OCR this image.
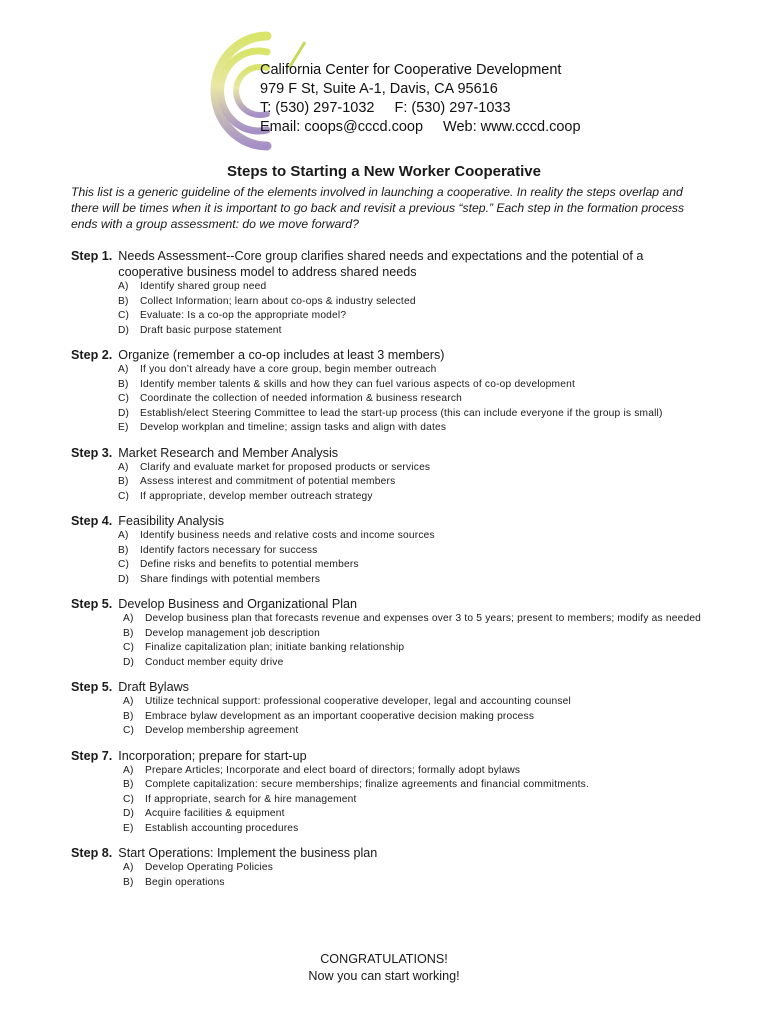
California Center for Cooperative Development
979 F St, Suite A-1, Davis, CA 95616
T: (530) 297-1032 F: (530) 297-1033
Email: coops@cccd.coop Web: www.cccd.coop
Steps to Starting a New Worker Cooperative
This list is a generic guideline of the elements involved in launching a cooperative. In reality the steps overlap and there will be times when it is important to go back and revisit a previous “step.” Each step in the formation process ends with a group assessment: do we move forward?
Step 1. Needs Assessment--Core group clarifies shared needs and expectations and the potential of a cooperative business model to address shared needs
A)	Identify shared group need
B)	Collect Information; learn about co-ops & industry selected
C)	Evaluate: Is a co-op the appropriate model?
D)	Draft basic purpose statement
Step 2. Organize (remember a co-op includes at least 3 members)
A)	If you don’t already have a core group, begin member outreach
B)	Identify member talents & skills and how they can fuel various aspects of co-op development
C)	Coordinate the collection of needed information & business research
D)	Establish/elect Steering Committee to lead the start-up process (this can include everyone if the group is small)
E)	Develop workplan and timeline; assign tasks and align with dates
Step 3. Market Research and Member Analysis
A)	Clarify and evaluate market for proposed products or services
B)	Assess interest and commitment of potential members
C)	If appropriate, develop member outreach strategy
Step 4. Feasibility Analysis
A)	Identify business needs and relative costs and income sources
B)	Identify factors necessary for success
C)	Define risks and benefits to potential members
D)	Share findings with potential members
Step 5. Develop Business and Organizational Plan
A)	Develop business plan that forecasts revenue and expenses over 3 to 5 years; present to members; modify as needed
B)	Develop management job description
C)	Finalize capitalization plan; initiate banking relationship
D)	Conduct member equity drive
Step 5. Draft Bylaws
A)	Utilize technical support: professional cooperative developer, legal and accounting counsel
B)	Embrace bylaw development as an important cooperative decision making process
C)	Develop membership agreement
Step 7. Incorporation; prepare for start-up
A)	Prepare Articles; Incorporate and elect board of directors; formally adopt bylaws
B)	Complete capitalization: secure memberships; finalize agreements and financial commitments.
C)	If appropriate, search for & hire management
D)	Acquire facilities & equipment
E)	Establish accounting procedures
Step 8. Start Operations: Implement the business plan
A)	Develop Operating Policies
B)	Begin operations
CONGRATULATIONS!
Now you can start working!
